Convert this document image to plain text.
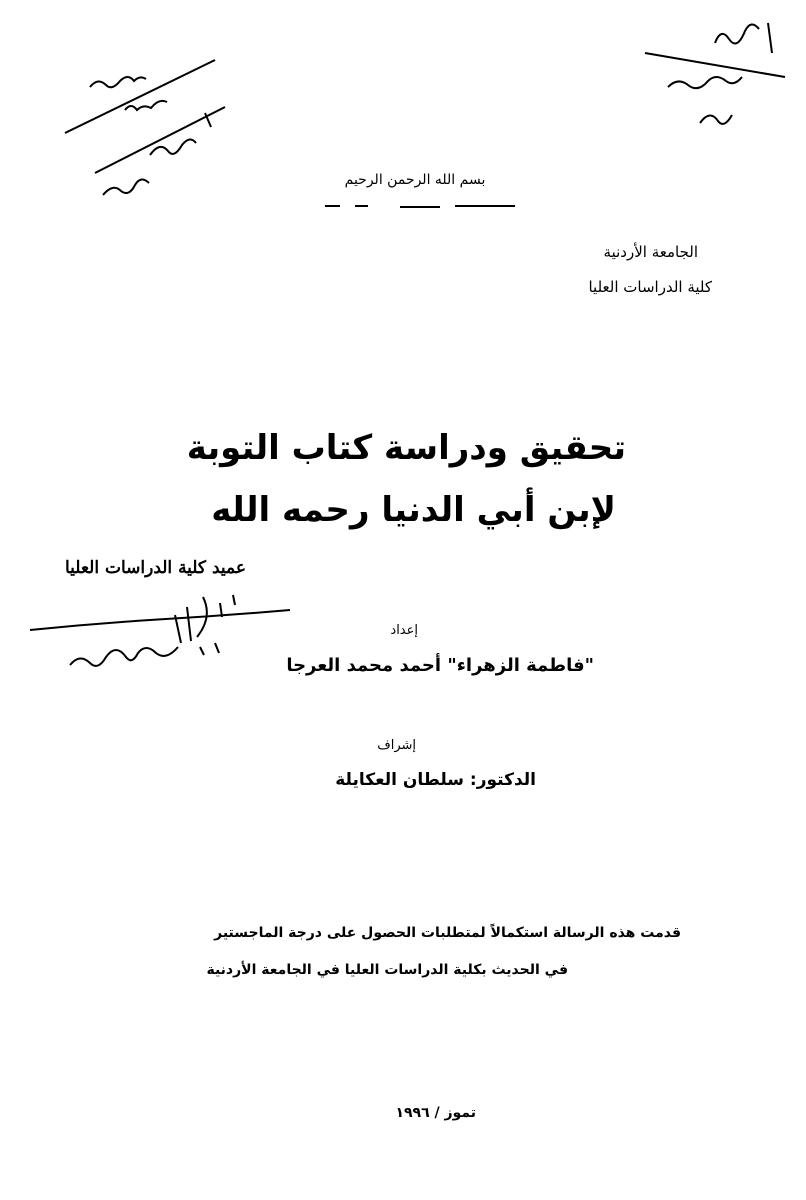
بسم الله الرحمن الرحيم
الجامعة الأردنية
كلية الدراسات العليا
تحقيق ودراسة كتاب التوبة
لإبن أبي الدنيا رحمه الله
عميد كلية الدراسات العليا
إعداد
"فاطمة الزهراء" أحمد محمد العرجا
إشراف
الدكتور: سلطان العكايلة
قدمت هذه الرسالة استكمالاً لمتطلبات الحصول على درجة الماجستير
في الحديث بكلية الدراسات العليا في الجامعة الأردنية
تموز / ١٩٩٦
